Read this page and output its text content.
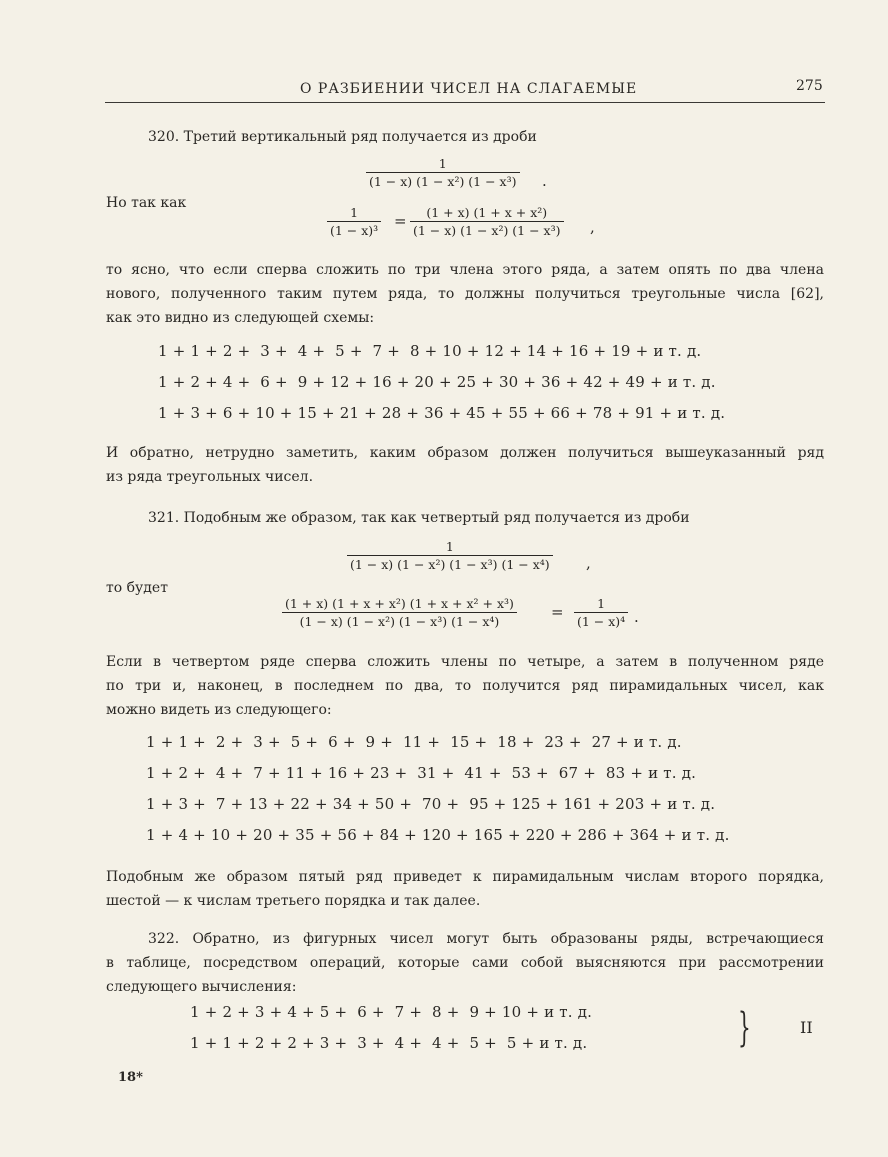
О РАЗБИЕНИИ ЧИСЕЛ НА СЛАГАЕМЫЕ	275

320. Третий вертикальный ряд получается из дроби

$\frac{1}{\text{(1 − x) (1 − x²) (1 − x³)}}$ .

Но так как

$\frac{1}{\text{(1 − x)³}} = \frac{\text{(1 + x) (1 + x + x²)}}{\text{(1 − x) (1 − x²) (1 − x³)}}$ ,

то ясно, что если сперва сложить по три члена этого ряда, а затем опять по два члена

нового, полученного таким путем ряда, то должны получиться треугольные числа [62],

как это видно из следующей схемы:

1 + 1 + 2 +  3 +  4 +  5 +  7 +  8 + 10 + 12 + 14 + 16 + 19 + и т. д.
1 + 2 + 4 +  6 +  9 + 12 + 16 + 20 + 25 + 30 + 36 + 42 + 49 + и т. д.
1 + 3 + 6 + 10 + 15 + 21 + 28 + 36 + 45 + 55 + 66 + 78 + 91 + и т. д.

И обратно, нетрудно заметить, каким образом должен получиться вышеуказанный ряд

из ряда треугольных чисел.

321. Подобным же образом, так как четвертый ряд получается из дроби

$\frac{1}{\text{(1 − x) (1 − x²) (1 − x³) (1 − x⁴)}}$ ,

то будет

$\frac{\text{(1 + x) (1 + x + x²) (1 + x + x² + x³)}}{\text{(1 − x) (1 − x²) (1 − x³) (1 − x⁴)}} = \frac{1}{\text{(1 − x)⁴}}$ .

Если в четвертом ряде сперва сложить члены по четыре, а затем в полученном ряде

по три и, наконец, в последнем по два, то получится ряд пирамидальных чисел, как

можно видеть из следующего:

1 + 1 +  2 +  3 +  5 +  6 +  9 +  11 +  15 +  18 +  23 +  27 + и т. д.
1 + 2 +  4 +  7 + 11 + 16 + 23 +  31 +  41 +  53 +  67 +  83 + и т. д.
1 + 3 +  7 + 13 + 22 + 34 + 50 +  70 +  95 + 125 + 161 + 203 + и т. д.
1 + 4 + 10 + 20 + 35 + 56 + 84 + 120 + 165 + 220 + 286 + 364 + и т. д.

Подобным же образом пятый ряд приведет к пирамидальным числам второго порядка,

шестой — к числам третьего порядка и так далее.

322. Обратно, из фигурных чисел могут быть образованы ряды, встречающиеся

в таблице, посредством операций, которые сами собой выясняются при рассмотрении

следующего вычисления:

1 + 2 + 3 + 4 + 5 +  6 +  7 +  8 +  9 + 10 + и т. д.
1 + 1 + 2 + 2 + 3 +  3 +  4 +  4 +  5 +  5 + и т. д.	}	II
18*
